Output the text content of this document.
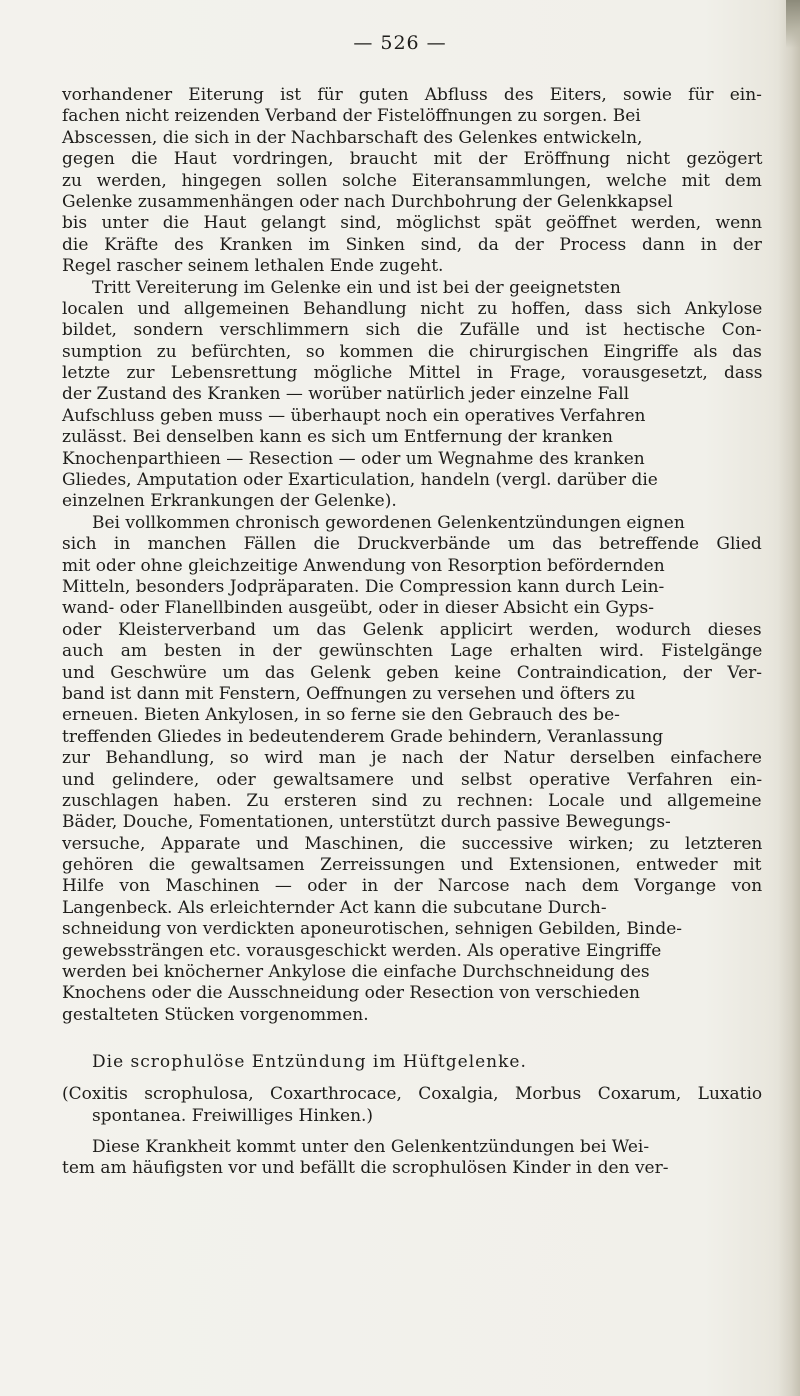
— 526 —
vorhandener Eiterung ist für guten Abfluss des Eiters, sowie für ein-
fachen nicht reizenden Verband der Fistelöffnungen zu sorgen. Bei
Abscessen, die sich in der Nachbarschaft des Gelenkes entwickeln,
gegen die Haut vordringen, braucht mit der Eröffnung nicht gezögert
zu werden, hingegen sollen solche Eiteransammlungen, welche mit dem
Gelenke zusammenhängen oder nach Durchbohrung der Gelenkkapsel
bis unter die Haut gelangt sind, möglichst spät geöffnet werden, wenn
die Kräfte des Kranken im Sinken sind, da der Process dann in der
Regel rascher seinem lethalen Ende zugeht.
Tritt Vereiterung im Gelenke ein und ist bei der geeignetsten
localen und allgemeinen Behandlung nicht zu hoffen, dass sich Ankylose
bildet, sondern verschlimmern sich die Zufälle und ist hectische Con-
sumption zu befürchten, so kommen die chirurgischen Eingriffe als das
letzte zur Lebensrettung mögliche Mittel in Frage, vorausgesetzt, dass
der Zustand des Kranken — worüber natürlich jeder einzelne Fall
Aufschluss geben muss — überhaupt noch ein operatives Verfahren
zulässt. Bei denselben kann es sich um Entfernung der kranken
Knochenparthieen — Resection — oder um Wegnahme des kranken
Gliedes, Amputation oder Exarticulation, handeln (vergl. darüber die
einzelnen Erkrankungen der Gelenke).
Bei vollkommen chronisch gewordenen Gelenkentzündungen eignen
sich in manchen Fällen die Druckverbände um das betreffende Glied
mit oder ohne gleichzeitige Anwendung von Resorption befördernden
Mitteln, besonders Jodpräparaten. Die Compression kann durch Lein-
wand- oder Flanellbinden ausgeübt, oder in dieser Absicht ein Gyps-
oder Kleisterverband um das Gelenk applicirt werden, wodurch dieses
auch am besten in der gewünschten Lage erhalten wird. Fistelgänge
und Geschwüre um das Gelenk geben keine Contraindication, der Ver-
band ist dann mit Fenstern, Oeffnungen zu versehen und öfters zu
erneuen. Bieten Ankylosen, in so ferne sie den Gebrauch des be-
treffenden Gliedes in bedeutenderem Grade behindern, Veranlassung
zur Behandlung, so wird man je nach der Natur derselben einfachere
und gelindere, oder gewaltsamere und selbst operative Verfahren ein-
zuschlagen haben. Zu ersteren sind zu rechnen: Locale und allgemeine
Bäder, Douche, Fomentationen, unterstützt durch passive Bewegungs-
versuche, Apparate und Maschinen, die successive wirken; zu letzteren
gehören die gewaltsamen Zerreissungen und Extensionen, entweder mit
Hilfe von Maschinen — oder in der Narcose nach dem Vorgange von
Langenbeck. Als erleichternder Act kann die subcutane Durch-
schneidung von verdickten aponeurotischen, sehnigen Gebilden, Binde-
gewebssträngen etc. vorausgeschickt werden. Als operative Eingriffe
werden bei knöcherner Ankylose die einfache Durchschneidung des
Knochens oder die Ausschneidung oder Resection von verschieden
gestalteten Stücken vorgenommen.
Die scrophulöse Entzündung im Hüftgelenke.
(Coxitis scrophulosa, Coxarthrocace, Coxalgia, Morbus Coxarum, Luxatio
spontanea. Freiwilliges Hinken.)
Diese Krankheit kommt unter den Gelenkentzündungen bei Wei-
tem am häufigsten vor und befällt die scrophulösen Kinder in den ver-
